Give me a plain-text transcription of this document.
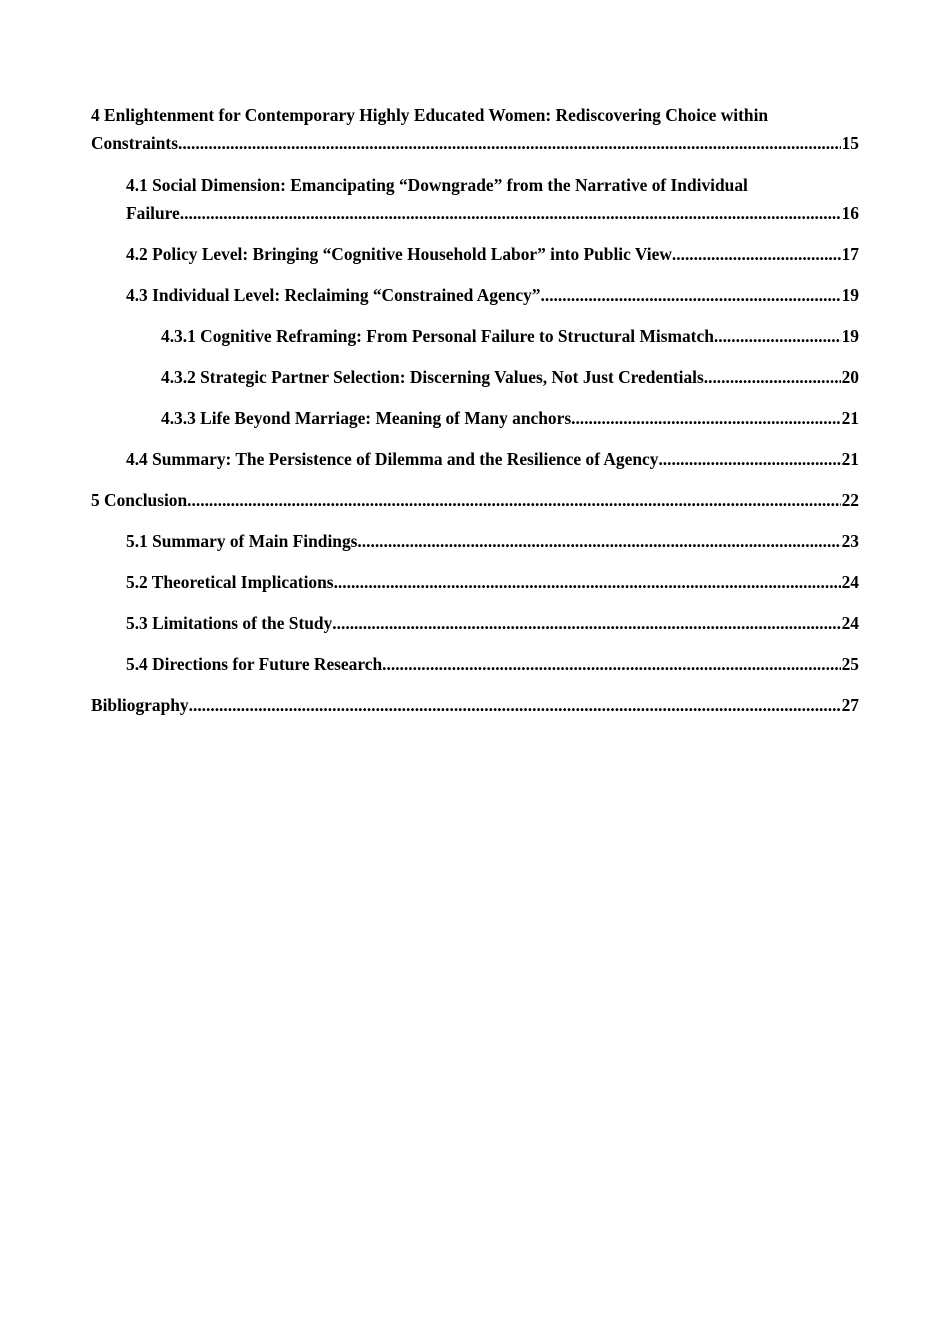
4 Enlightenment for Contemporary Highly Educated Women: Rediscovering Choice within
Constraints .....	15
4.1 Social Dimension: Emancipating “Downgrade” from the Narrative of Individual
Failure .....	16
4.2 Policy Level: Bringing “Cognitive Household Labor” into Public View .....	17
4.3 Individual Level: Reclaiming “Constrained Agency” .....	19
4.3.1 Cognitive Reframing: From Personal Failure to Structural Mismatch .....	19
4.3.2 Strategic Partner Selection: Discerning Values, Not Just Credentials .....	20
4.3.3 Life Beyond Marriage: Meaning of Many anchors .....	21
4.4 Summary: The Persistence of Dilemma and the Resilience of Agency .....	21
5 Conclusion .....	22
5.1 Summary of Main Findings .....	23
5.2 Theoretical Implications .....	24
5.3 Limitations of the Study .....	24
5.4 Directions for Future Research .....	25
Bibliography .....	27
